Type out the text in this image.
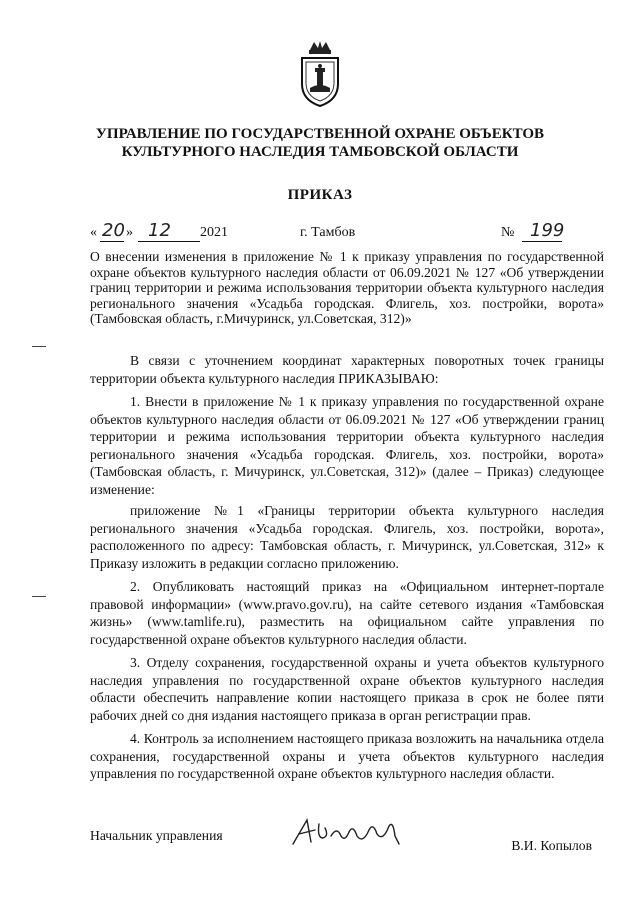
УПРАВЛЕНИЕ ПО ГОСУДАРСТВЕННОЙ ОХРАНЕ ОБЪЕКТОВ
КУЛЬТУРНОГО НАСЛЕДИЯ ТАМБОВСКОЙ ОБЛАСТИ
ПРИКАЗ
« 20 » 12 2021	г. Тамбов	№ 199
О внесении изменения в приложение № 1 к приказу управления по государственной охране объектов культурного наследия области от 06.09.2021 № 127 «Об утверждении границ территории и режима использования территории объекта культурного наследия регионального значения «Усадьба городская. Флигель, хоз. постройки, ворота» (Тамбовская область, г.Мичуринск, ул.Советская, 312)»

В связи с уточнением координат характерных поворотных точек границы территории объекта культурного наследия ПРИКАЗЫВАЮ:

1. Внести в приложение № 1 к приказу управления по государственной охране объектов культурного наследия области от 06.09.2021 № 127 «Об утверждении границ территории и режима использования территории объекта культурного наследия регионального значения «Усадьба городская. Флигель, хоз. постройки, ворота» (Тамбовская область, г. Мичуринск, ул.Советская, 312)» (далее – Приказ) следующее изменение:

приложение №1 «Границы территории объекта культурного наследия регионального значения «Усадьба городская. Флигель, хоз. постройки, ворота», расположенного по адресу: Тамбовская область, г. Мичуринск, ул.Советская, 312» к Приказу изложить в редакции согласно приложению.

2. Опубликовать настоящий приказ на «Официальном интернет-портале правовой информации» (www.pravo.gov.ru), на сайте сетевого издания «Тамбовская жизнь» (www.tamlife.ru), разместить на официальном сайте управления по государственной охране объектов культурного наследия области.

3. Отделу сохранения, государственной охраны и учета объектов культурного наследия управления по государственной охране объектов культурного наследия области обеспечить направление копии настоящего приказа в срок не более пяти рабочих дней со дня издания настоящего приказа в орган регистрации прав.

4. Контроль за исполнением настоящего приказа возложить на начальника отдела сохранения, государственной охраны и учета объектов культурного наследия управления по государственной охране объектов культурного наследия области.

Начальник управления
В.И. Копылов
